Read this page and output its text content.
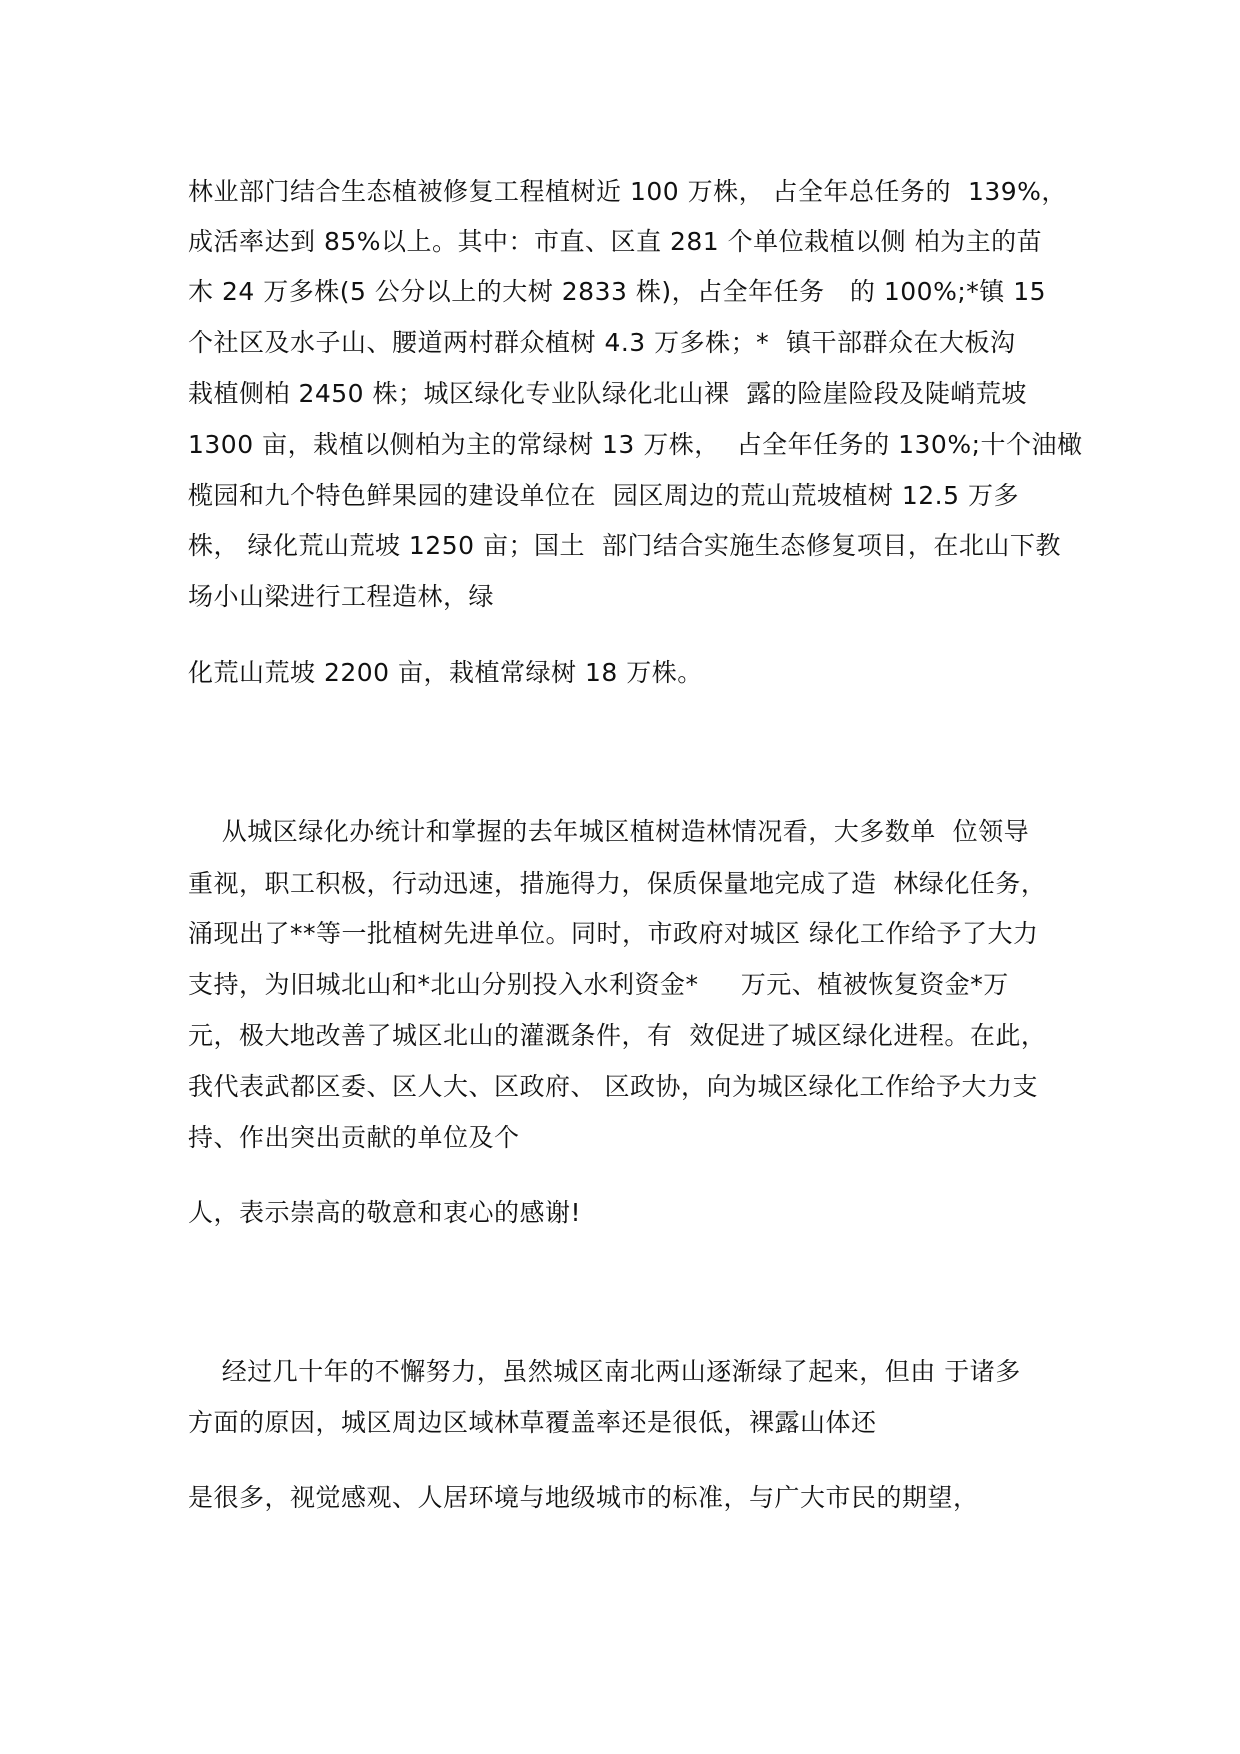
林业部门结合生态植被修复工程植树近 100 万株， 占全年总任务的  139%，
成活率达到 85%以上。其中：市直、区直 281 个单位栽植以侧 柏为主的苗
木 24 万多株(5 公分以上的大树 2833 株)，占全年任务   的 100%;*镇 15
个社区及水子山、腰道两村群众植树 4.3 万多株；*  镇干部群众在大板沟
栽植侧柏 2450 株；城区绿化专业队绿化北山裸  露的险崖险段及陡峭荒坡
1300 亩，栽植以侧柏为主的常绿树 13 万株，  占全年任务的 130%;十个油橄
榄园和九个特色鲜果园的建设单位在  园区周边的荒山荒坡植树 12.5 万多
株， 绿化荒山荒坡 1250 亩；国土  部门结合实施生态修复项目，在北山下教
场小山梁进行工程造林，绿
化荒山荒坡 2200 亩，栽植常绿树 18 万株。
从城区绿化办统计和掌握的去年城区植树造林情况看，大多数单  位领导
重视，职工积极，行动迅速，措施得力，保质保量地完成了造  林绿化任务，
涌现出了**等一批植树先进单位。同时，市政府对城区 绿化工作给予了大力
支持，为旧城北山和*北山分别投入水利资金*     万元、植被恢复资金*万
元，极大地改善了城区北山的灌溉条件，有  效促进了城区绿化进程。在此，
我代表武都区委、区人大、区政府、 区政协，向为城区绿化工作给予大力支
持、作出突出贡献的单位及个
人，表示崇高的敬意和衷心的感谢!
经过几十年的不懈努力，虽然城区南北两山逐渐绿了起来，但由 于诸多
方面的原因，城区周边区域林草覆盖率还是很低，裸露山体还
是很多，视觉感观、人居环境与地级城市的标准，与广大市民的期望，
